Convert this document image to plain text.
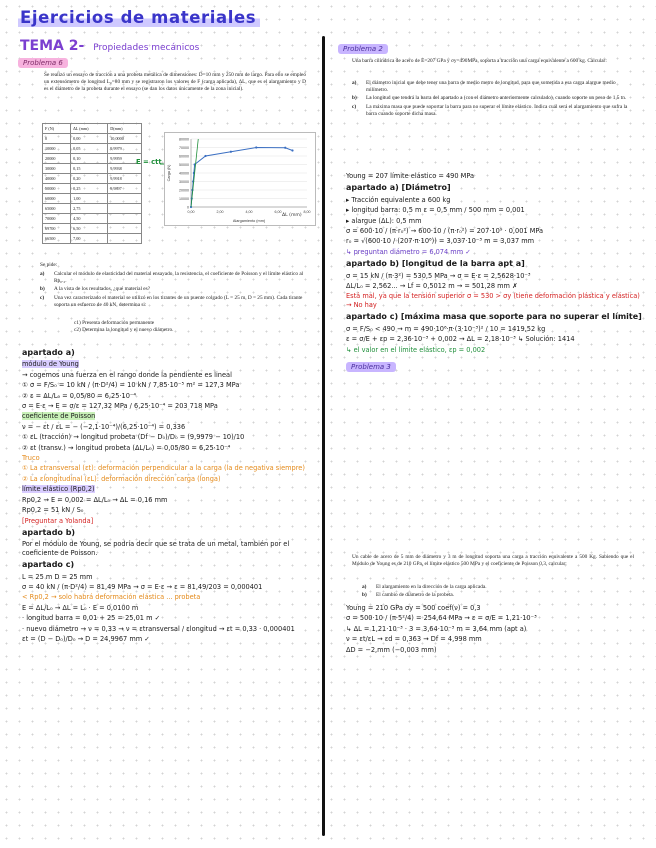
Ejercicios de materiales
TEMA 2- Propiedades mecánicos
Problema 6
Se realizó un ensayo de tracción a una probeta metálica de dimensiones: D=10 mm y 250 mm de largo. Para ello se empleó un extensómetro de longitud L₀=80 mm y se registraron los valores de F (carga aplicada), ΔL, que es el alargamiento y D es el diámetro de la probeta durante el ensayo (se dan los datos únicamente de la zona inicial).
F (N)	ΔL (mm)	D(mm)
0	0,00	10,0000
10000	0,05	9,9979
20000	0,10	9,9959
30000	0,15	9,9938
40000	0,20	9,9918
50000	0,25	9,9897
60000	1,00	
65000	2,75	
70000	4,50	
69700	6,50	
66500	7,00	
E = ctt
0
10000
20000
30000
40000
50000
60000
70000
80000
0,00	2,00	4,00	6,00	8,00
Alargamiento (mm)
Carga (N)
ΔL (mm)
Se pide:
a)	Calcular el módulo de elasticidad del material ensayado, la resistencia, el coeficiente de Poisson y el límite elástico al Rp₀.₂.
b)	A la vista de los resultados, ¿qué material es?
c)	Una vez caracterizado el material se utilizó en los tirantes de un puente colgado (L = 25 m, D = 25 mm). Cada tirante soporta un esfuerzo de 40 kN, determina si:
c1) Presenta deformación permanente
c2) Determina la longitud y el nuevo diámetro.
apartado a)
módulo de Young
→ cogemos una fuerza en el rango donde la pendiente es lineal
① σ = F/S₀ = 10 kN / (π·D²/4) = 10 kN / 7,85·10⁻⁵ m² = 127,3 MPa
② ε = ΔL/L₀ = 0,05/80 = 6,25·10⁻⁴
σ = E·ε → E = σ/ε = 127,32 MPa / 6,25·10⁻⁴ = 203 718 MPa
coeficiente de Poisson
ν = − εt / εL = − (−2,1·10⁻⁴)/(6,25·10⁻⁴) = 0,336
① εL (tracción) → longitud probeta (Df − D₀)/D₀ = (9,9979 − 10)/10
② εt (transv.) → longitud probeta (ΔL/L₀) = 0,05/80 = 6,25·10⁻⁴
Truco
① La εtransversal (εt): deformación perpendicular a la carga (la de negativa siempre)
② La εlongitudinal (εL): deformación dirección carga (longa)
límite elástico (Rp0,2)
Rp0,2 → E = 0,002 = ΔL/L₀ → ΔL = 0,16 mm
Rp0,2 = 51 kN / S₀
[Preguntar a Yolanda]
apartado b)
Por el módulo de Young, se podría decir que se trata de un metal, también por el coeficiente de Poisson.
apartado c)
L = 25 m D = 25 mm
σ = 40 kN / (π·D²/4) = 81,49 MPa → σ = E·ε → ε = 81,49/203 = 0,000401
< Rp0,2 → solo habrá deformación elástica ... probeta
E = ΔL/L₀ → ΔL = L₀ · E = 0,0100 m
· longitud barra = 0,01 + 25 = 25,01 m ✓
· nuevo diámetro → ν = 0,33 → ν = εtransversal / εlongitud → εt = 0,33 · 0,000401
εt = (D − D₀)/D₀ → D = 24,9967 mm ✓
Problema 2
Una barra cilíndrica de acero de E=207 GPa y σy=490MPa, soporta a tracción una carga equivalente a 600 kg. Calcular:
a)	El diámetro inicial que debe tener una barra de medio metro de longitud, para que sometida a esa carga alargue medio milímetro.
b)	La longitud que tendrá la barra del apartado a (con el diámetro anteriormente calculado), cuando soporte un peso de 1,5 tn.
c)	La máxima masa que puede soportar la barra para no superar el límite elástico. Indica cuál será el alargamiento que sufra la barra cuando soporte dicha masa.
Young = 207 límite elástico = 490 MPa
apartado a) [Diámetro]
▸ Tracción equivalente a 600 kg
▸ longitud barra: 0,5 m ε = 0,5 mm / 500 mm = 0,001
▸ alargue (ΔL): 0,5 mm
σ = 600·10 / (π·r₀²) → 600·10 / (π·r₀²) = 207·10⁹ · 0,001 MPa
r₀ = √(600·10 / (207·π·10⁶)) = 3,037·10⁻³ m = 3,037 mm
↳ preguntan diámetro = 6,074 mm ✓
apartado b) [longitud de la barra apt a]
σ = 15 kN / (π·3²) = 530,5 MPa → σ = E·ε = 2,5628·10⁻³
ΔL/L₀ = 2,562... → Lf = 0,5012 m → = 501,28 mm ✗
Está mal, ya que la tensión superior σ = 530 > σy (tiene deformación plástica y elástica) → No hay
apartado c) [máxima masa que soporte para no superar el límite]
σ = F/S₀ < 490 → m = 490·10⁶·π·(3·10⁻³)² / 10 = 1419,52 kg
ε = σ/E + εp = 2,36·10⁻³ + 0,002 → ΔL = 2,18·10⁻³ ↳ Solución: 1414
↳ el valor en el límite elástico, εp = 0,002
Problema 3
Un cable de acero de 5 mm de diámetro y 3 m de longitud soporta una carga a tracción equivalente a 500 Kg. Sabiendo que el Módulo de Young es de 210 GPa, el límite elástico 500 MPa y el coeficiente de Poisson 0,3, calcular:
a)	El alargamiento en la dirección de la carga aplicada.
b)	El cambio de diámetro de la probeta.
Young = 210 GPa σy = 500 coef(ν) = 0,3
σ = 500·10 / (π·5²/4) = 254,64 MPa → ε = σ/E = 1,21·10⁻³
↳ ΔL = 1,21·10⁻³ · 3 = 3,64·10⁻³ m = 3,64 mm (apt a)
ν = εt/εL → εd = 0,363 → Df = 4,998 mm
ΔD = −2,mm (−0,003 mm)
